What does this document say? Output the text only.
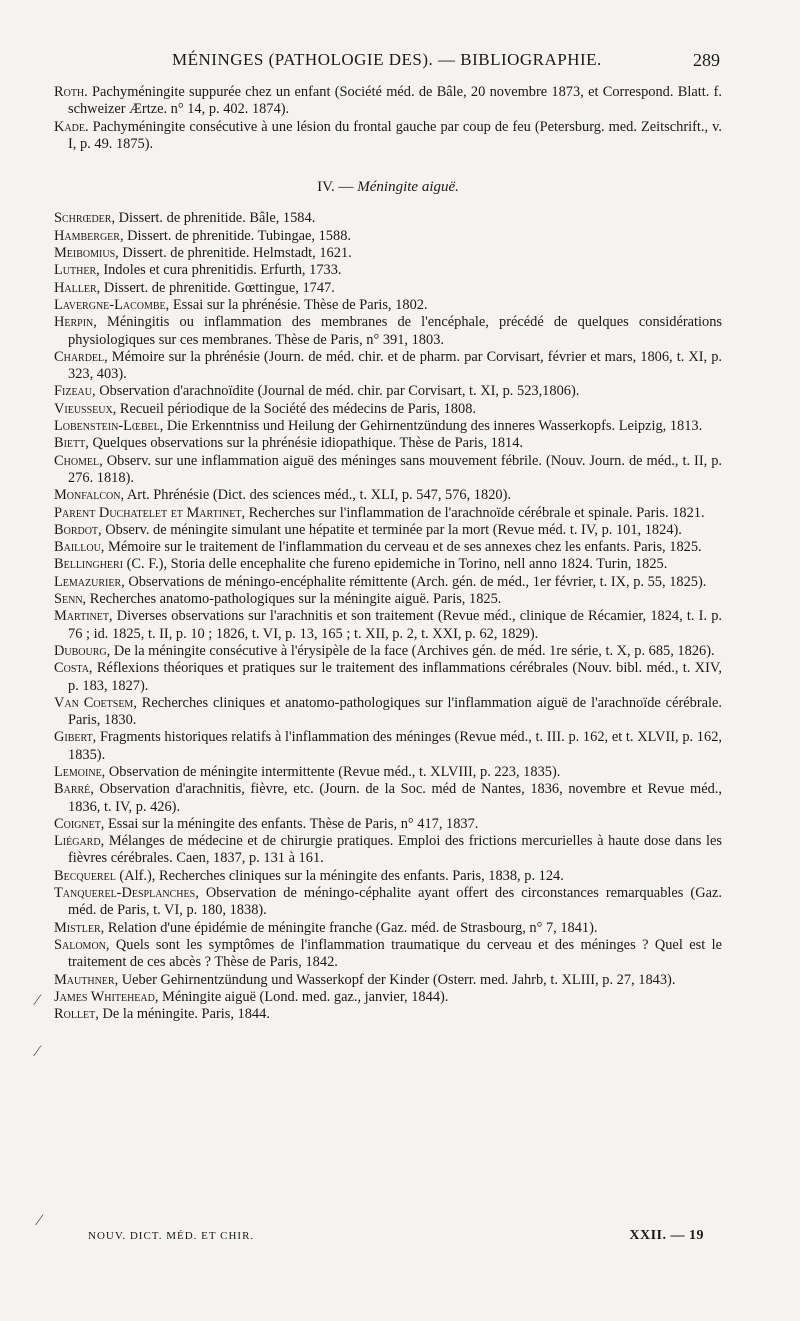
MÉNINGES (PATHOLOGIE DES). — BIBLIOGRAPHIE.	289
Roth. Pachyméningite suppurée chez un enfant (Société méd. de Bâle, 20 novembre 1873, et Correspond. Blatt. f. schweizer Ærtze. n° 14, p. 402. 1874).
Kade. Pachyméningite consécutive à une lésion du frontal gauche par coup de feu (Petersburg. med. Zeitschrift., v. I, p. 49. 1875).
IV. — Méningite aiguë.
Schrœder, Dissert. de phrenitide. Bâle, 1584.
Hamberger, Dissert. de phrenitide. Tubingae, 1588.
Meibomius, Dissert. de phrenitide. Helmstadt, 1621.
Luther, Indoles et cura phrenitidis. Erfurth, 1733.
Haller, Dissert. de phrenitide. Gœttingue, 1747.
Lavergne-Lacombe, Essai sur la phrénésie. Thèse de Paris, 1802.
Herpin, Méningitis ou inflammation des membranes de l'encéphale, précédé de quelques considérations physiologiques sur ces membranes. Thèse de Paris, n° 391, 1803.
Chardel, Mémoire sur la phrénésie (Journ. de méd. chir. et de pharm. par Corvisart, février et mars, 1806, t. XI, p. 323, 403).
Fizeau, Observation d'arachnoïdite (Journal de méd. chir. par Corvisart, t. XI, p. 523,1806).
Vieusseux, Recueil périodique de la Société des médecins de Paris, 1808.
Lobenstein-Lœbel, Die Erkenntniss und Heilung der Gehirnentzündung des inneres Wasserkopfs. Leipzig, 1813.
Biett, Quelques observations sur la phrénésie idiopathique. Thèse de Paris, 1814.
Chomel, Observ. sur une inflammation aiguë des méninges sans mouvement fébrile. (Nouv. Journ. de méd., t. II, p. 276. 1818).
Monfalcon, Art. Phrénésie (Dict. des sciences méd., t. XLI, p. 547, 576, 1820).
Parent Duchatelet et Martinet, Recherches sur l'inflammation de l'arachnoïde cérébrale et spinale. Paris. 1821.
Bordot, Observ. de méningite simulant une hépatite et terminée par la mort (Revue méd. t. IV, p. 101, 1824).
Baillou, Mémoire sur le traitement de l'inflammation du cerveau et de ses annexes chez les enfants. Paris, 1825.
Bellingheri (C. F.), Storia delle encephalite che fureno epidemiche in Torino, nell anno 1824. Turin, 1825.
Lemazurier, Observations de méningo-encéphalite rémittente (Arch. gén. de méd., 1er février, t. IX, p. 55, 1825).
Senn, Recherches anatomo-pathologiques sur la méningite aiguë. Paris, 1825.
Martinet, Diverses observations sur l'arachnitis et son traitement (Revue méd., clinique de Récamier, 1824, t. I. p. 76 ; id. 1825, t. II, p. 10 ; 1826, t. VI, p. 13, 165 ; t. XII, p. 2, t. XXI, p. 62, 1829).
Dubourg, De la méningite consécutive à l'érysipèle de la face (Archives gén. de méd. 1re série, t. X, p. 685, 1826).
Costa, Réflexions théoriques et pratiques sur le traitement des inflammations cérébrales (Nouv. bibl. méd., t. XIV, p. 183, 1827).
Van Coetsem, Recherches cliniques et anatomo-pathologiques sur l'inflammation aiguë de l'arachnoïde cérébrale. Paris, 1830.
Gibert, Fragments historiques relatifs à l'inflammation des méninges (Revue méd., t. III. p. 162, et t. XLVII, p. 162, 1835).
Lemoine, Observation de méningite intermittente (Revue méd., t. XLVIII, p. 223, 1835).
Barré, Observation d'arachnitis, fièvre, etc. (Journ. de la Soc. méd de Nantes, 1836, novembre et Revue méd., 1836, t. IV, p. 426).
Coignet, Essai sur la méningite des enfants. Thèse de Paris, n° 417, 1837.
Liégard, Mélanges de médecine et de chirurgie pratiques. Emploi des frictions mercurielles à haute dose dans les fièvres cérébrales. Caen, 1837, p. 131 à 161.
Becquerel (Alf.), Recherches cliniques sur la méningite des enfants. Paris, 1838, p. 124.
Tanquerel-Desplanches, Observation de méningo-céphalite ayant offert des circonstances remarquables (Gaz. méd. de Paris, t. VI, p. 180, 1838).
Mistler, Relation d'une épidémie de méningite franche (Gaz. méd. de Strasbourg, n° 7, 1841).
Salomon, Quels sont les symptômes de l'inflammation traumatique du cerveau et des méninges ? Quel est le traitement de ces abcès ? Thèse de Paris, 1842.
Mauthner, Ueber Gehirnentzündung und Wasserkopf der Kinder (Osterr. med. Jahrb, t. XLIII, p. 27, 1843).
James Whitehead, Méningite aiguë (Lond. med. gaz., janvier, 1844).
Rollet, De la méningite. Paris, 1844.
NOUV. DICT. MÉD. ET CHIR.	XXII. — 19
⁄
⁄
⁄
